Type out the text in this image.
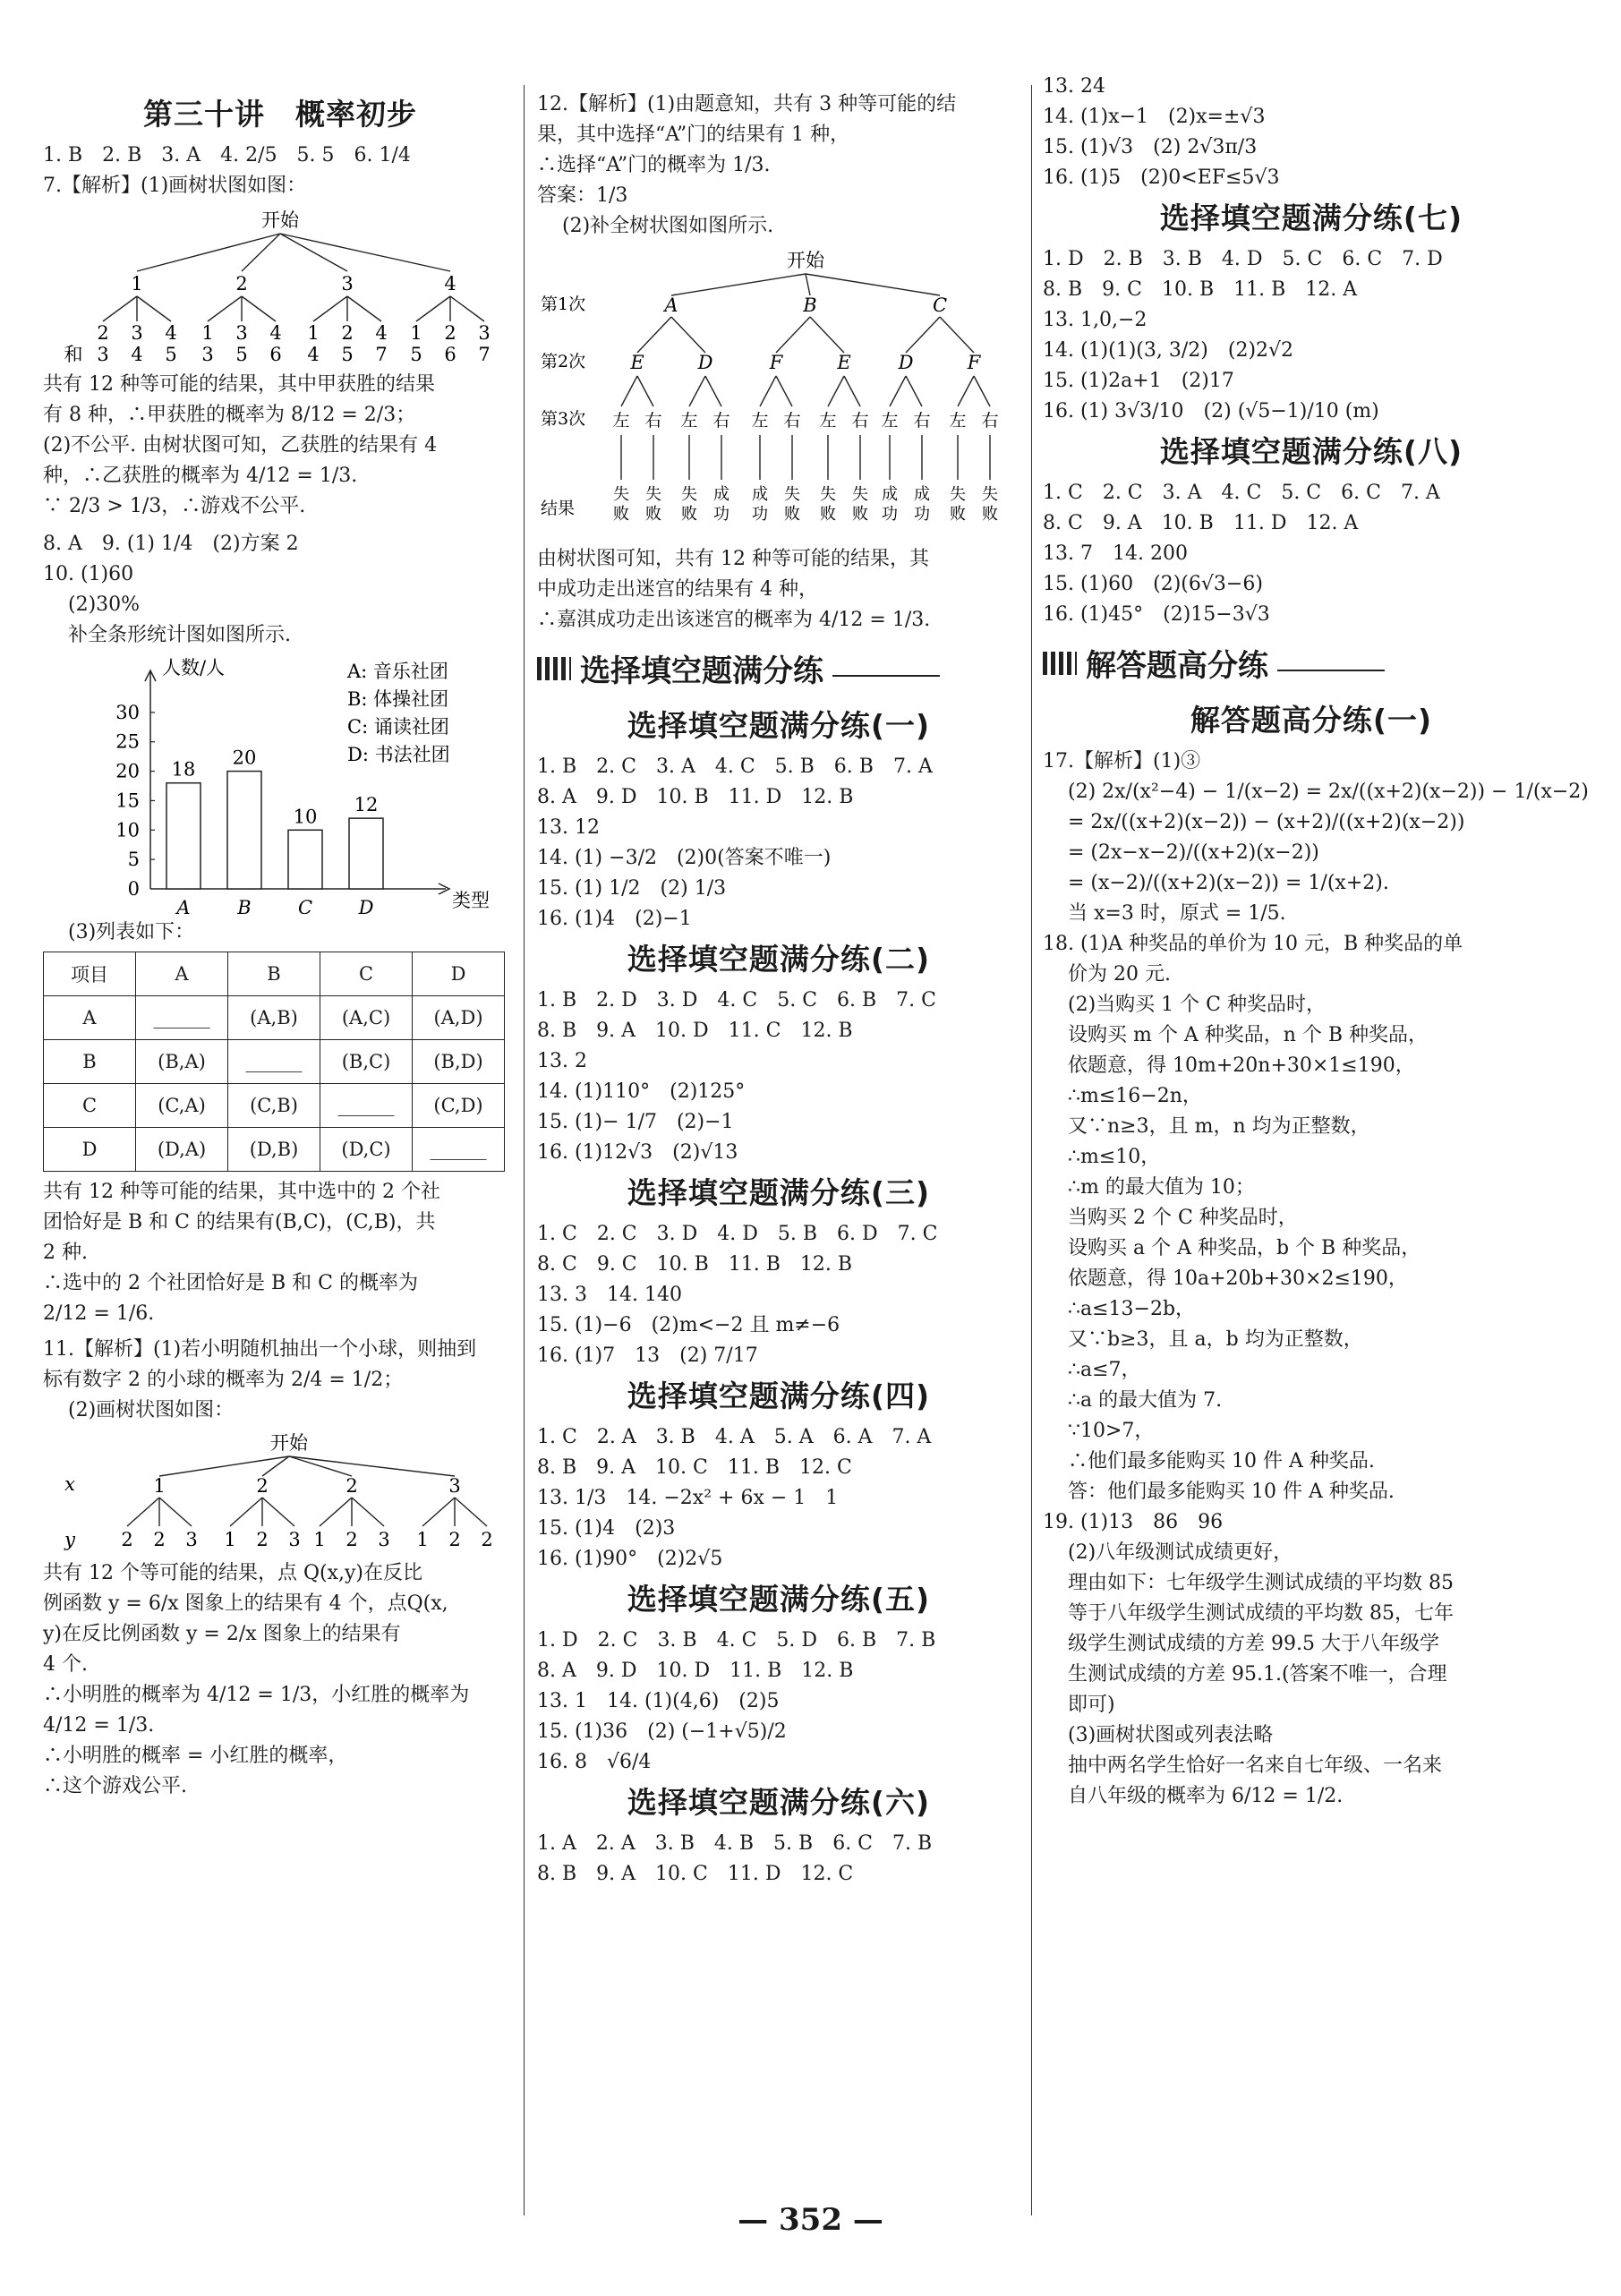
第三十讲　概率初步
1. B　2. B　3. A　4. 2/5　5. 5　6. 1/4
7.【解析】(1)画树状图如图：
开始
1
2
3
3
4
4
5
2
1
3
3
5
4
6
3
1
4
2
5
4
7
4
1
5
2
6
3
7
和
共有 12 种等可能的结果，其中甲获胜的结果
有 8 种，∴甲获胜的概率为 8/12 = 2/3；
(2)不公平. 由树状图可知，乙获胜的结果有 4
种，∴乙获胜的概率为 4/12 = 1/3.
∵ 2/3 > 1/3，∴游戏不公平.
8. A　9. (1) 1/4　(2)方案 2
10. (1)60
(2)30%
补全条形统计图如图所示.
0
5
10
15
20
25
30
人数/人
类型
18
A
20
B
10
C
12
D
A: 音乐社团
B: 体操社团
C: 诵读社团
D: 书法社团
(3)列表如下：
项目	A	B	C	D
A	______	(A,B)	(A,C)	(A,D)
B	(B,A)	______	(B,C)	(B,D)
C	(C,A)	(C,B)	______	(C,D)
D	(D,A)	(D,B)	(D,C)	______
共有 12 种等可能的结果，其中选中的 2 个社
团恰好是 B 和 C 的结果有(B,C)，(C,B)，共
2 种.
∴选中的 2 个社团恰好是 B 和 C 的概率为
2/12 = 1/6.
11.【解析】(1)若小明随机抽出一个小球，则抽到
标有数字 2 的小球的概率为 2/4 = 1/2；
(2)画树状图如图：
开始
x
y
1
2 2 3
2
1 2 3
2
1 2 3
3
1 2 2
共有 12 个等可能的结果，点 Q(x,y)在反比
例函数 y = 6/x 图象上的结果有 4 个，点Q(x,
y)在反比例函数 y = 2/x 图象上的结果有
4 个.
∴小明胜的概率为 4/12 = 1/3，小红胜的概率为
4/12 = 1/3.
∴小明胜的概率 = 小红胜的概率，
∴这个游戏公平.
12.【解析】(1)由题意知，共有 3 种等可能的结
果，其中选择“A”门的结果有 1 种，
∴选择“A”门的概率为 1/3.
答案：1/3
(2)补全树状图如图所示.
开始
第1次
第2次
第3次
结果
A
E	D
B
F	E
C
D	F
左
失
败
右
失
败
左
失
败
右
成
功
左
成
功
右
失
败
左
失
败
右
失
败
左
成
功
右
成
功
左
失
败
右
失
败
由树状图可知，共有 12 种等可能的结果，其
中成功走出迷宫的结果有 4 种，
∴嘉淇成功走出该迷宫的概率为 4/12 = 1/3.
选择填空题满分练
选择填空题满分练(一)
1. B　2. C　3. A　4. C　5. B　6. B　7. A
8. A　9. D　10. B　11. D　12. B
13. 12
14. (1) −3/2　(2)0(答案不唯一)
15. (1) 1/2　(2) 1/3
16. (1)4　(2)−1
选择填空题满分练(二)
1. B　2. D　3. D　4. C　5. C　6. B　7. C
8. B　9. A　10. D　11. C　12. B
13. 2
14. (1)110°　(2)125°
15. (1)− 1/7　(2)−1
16. (1)12√3　(2)√13
选择填空题满分练(三)
1. C　2. C　3. D　4. D　5. B　6. D　7. C
8. C　9. C　10. B　11. B　12. B
13. 3　14. 140
15. (1)−6　(2)m<−2 且 m≠−6
16. (1)7　13　(2) 7/17
选择填空题满分练(四)
1. C　2. A　3. B　4. A　5. A　6. A　7. A
8. B　9. A　10. C　11. B　12. C
13. 1/3　14. −2x² + 6x − 1　1
15. (1)4　(2)3
16. (1)90°　(2)2√5
选择填空题满分练(五)
1. D　2. C　3. B　4. C　5. D　6. B　7. B
8. A　9. D　10. D　11. B　12. B
13. 1　14. (1)(4,6)　(2)5
15. (1)36　(2) (−1+√5)/2
16. 8　√6/4
选择填空题满分练(六)
1. A　2. A　3. B　4. B　5. B　6. C　7. B
8. B　9. A　10. C　11. D　12. C
13. 24
14. (1)x−1　(2)x=±√3
15. (1)√3　(2) 2√3π/3
16. (1)5　(2)0<EF≤5√3
选择填空题满分练(七)
1. D　2. B　3. B　4. D　5. C　6. C　7. D
8. B　9. C　10. B　11. B　12. A
13. 1,0,−2
14. (1)(1)(3, 3/2)　(2)2√2
15. (1)2a+1　(2)17
16. (1) 3√3/10　(2) (√5−1)/10 (m)
选择填空题满分练(八)
1. C　2. C　3. A　4. C　5. C　6. C　7. A
8. C　9. A　10. B　11. D　12. A
13. 7　14. 200
15. (1)60　(2)(6√3−6)
16. (1)45°　(2)15−3√3
解答题高分练
解答题高分练(一)
17.【解析】(1)③
(2) 2x/(x²−4) − 1/(x−2) = 2x/((x+2)(x−2)) − 1/(x−2)
= 2x/((x+2)(x−2)) − (x+2)/((x+2)(x−2))
= (2x−x−2)/((x+2)(x−2))
= (x−2)/((x+2)(x−2)) = 1/(x+2).
当 x=3 时，原式 = 1/5.
18. (1)A 种奖品的单价为 10 元，B 种奖品的单
价为 20 元.
(2)当购买 1 个 C 种奖品时，
设购买 m 个 A 种奖品，n 个 B 种奖品，
依题意，得 10m+20n+30×1≤190，
∴m≤16−2n，
又∵n≥3，且 m，n 均为正整数，
∴m≤10，
∴m 的最大值为 10；
当购买 2 个 C 种奖品时，
设购买 a 个 A 种奖品，b 个 B 种奖品，
依题意，得 10a+20b+30×2≤190，
∴a≤13−2b，
又∵b≥3，且 a，b 均为正整数，
∴a≤7，
∴a 的最大值为 7.
∵10>7，
∴他们最多能购买 10 件 A 种奖品.
答：他们最多能购买 10 件 A 种奖品.
19. (1)13　86　96
(2)八年级测试成绩更好，
理由如下：七年级学生测试成绩的平均数 85
等于八年级学生测试成绩的平均数 85，七年
级学生测试成绩的方差 99.5 大于八年级学
生测试成绩的方差 95.1.(答案不唯一，合理
即可)
(3)画树状图或列表法略
抽中两名学生恰好一名来自七年级、一名来
自八年级的概率为 6/12 = 1/2.
— 352 —
